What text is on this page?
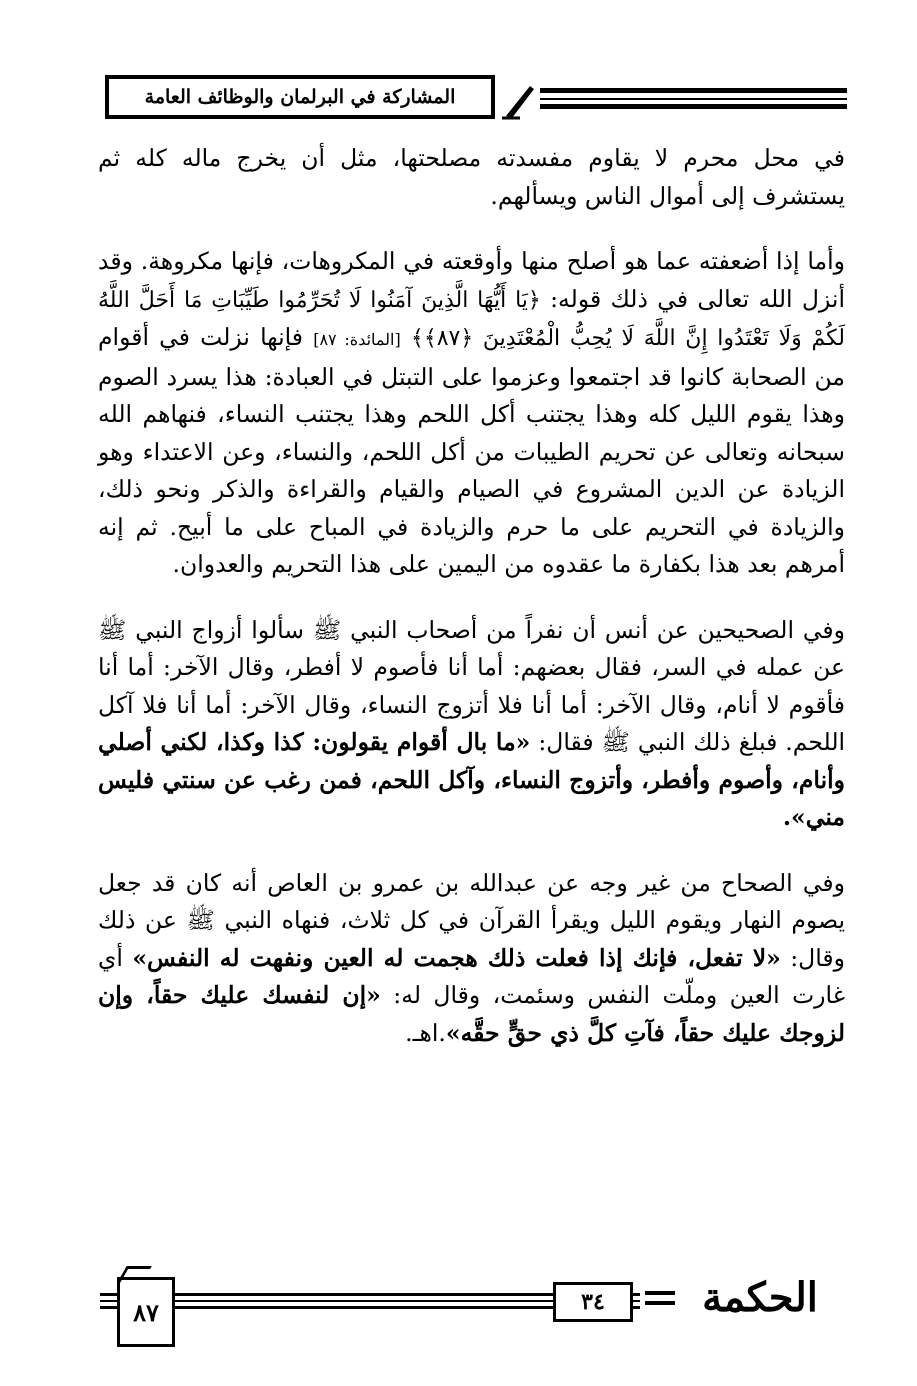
المشاركة في البرلمان والوظائف العامة

في محل محرم لا يقاوم مفسدته مصلحتها، مثل أن يخرج ماله كله ثم يستشرف إلى أموال الناس ويسألهم.

وأما إذا أضعفته عما هو أصلح منها وأوقعته في المكروهات، فإنها مكروهة. وقد أنزل الله تعالى في ذلك قوله: ﴿يَا أَيُّهَا الَّذِينَ آمَنُوا لَا تُحَرِّمُوا طَيِّبَاتِ مَا أَحَلَّ اللَّهُ لَكُمْ وَلَا تَعْتَدُوا إِنَّ اللَّهَ لَا يُحِبُّ الْمُعْتَدِينَ ﴿٨٧﴾﴾ [المائدة: ٨٧] فإنها نزلت في أقوام من الصحابة كانوا قد اجتمعوا وعزموا على التبتل في العبادة: هذا يسرد الصوم وهذا يقوم الليل كله وهذا يجتنب أكل اللحم وهذا يجتنب النساء، فنهاهم الله سبحانه وتعالى عن تحريم الطيبات من أكل اللحم، والنساء، وعن الاعتداء وهو الزيادة عن الدين المشروع في الصيام والقيام والقراءة والذكر ونحو ذلك، والزيادة في التحريم على ما حرم والزيادة في المباح على ما أبيح. ثم إنه أمرهم بعد هذا بكفارة ما عقدوه من اليمين على هذا التحريم والعدوان.

وفي الصحيحين عن أنس أن نفراً من أصحاب النبي ﷺ سألوا أزواج النبي ﷺ عن عمله في السر، فقال بعضهم: أما أنا فأصوم لا أفطر، وقال الآخر: أما أنا فأقوم لا أنام، وقال الآخر: أما أنا فلا أتزوج النساء، وقال الآخر: أما أنا فلا آكل اللحم. فبلغ ذلك النبي ﷺ فقال: «ما بال أقوام يقولون: كذا وكذا، لكني أصلي وأنام، وأصوم وأفطر، وأتزوج النساء، وآكل اللحم، فمن رغب عن سنتي فليس مني».

وفي الصحاح من غير وجه عن عبدالله بن عمرو بن العاص أنه كان قد جعل يصوم النهار ويقوم الليل ويقرأ القرآن في كل ثلاث، فنهاه النبي ﷺ عن ذلك وقال: «لا تفعل، فإنك إذا فعلت ذلك هجمت له العين ونفهت له النفس» أي غارت العين وملّت النفس وسئمت، وقال له: «إن لنفسك عليك حقاً، وإن لزوجك عليك حقاً، فآتِ كلَّ ذي حقٍّ حقَّه».اهـ.

٨٧	٣٤ الحكمة
